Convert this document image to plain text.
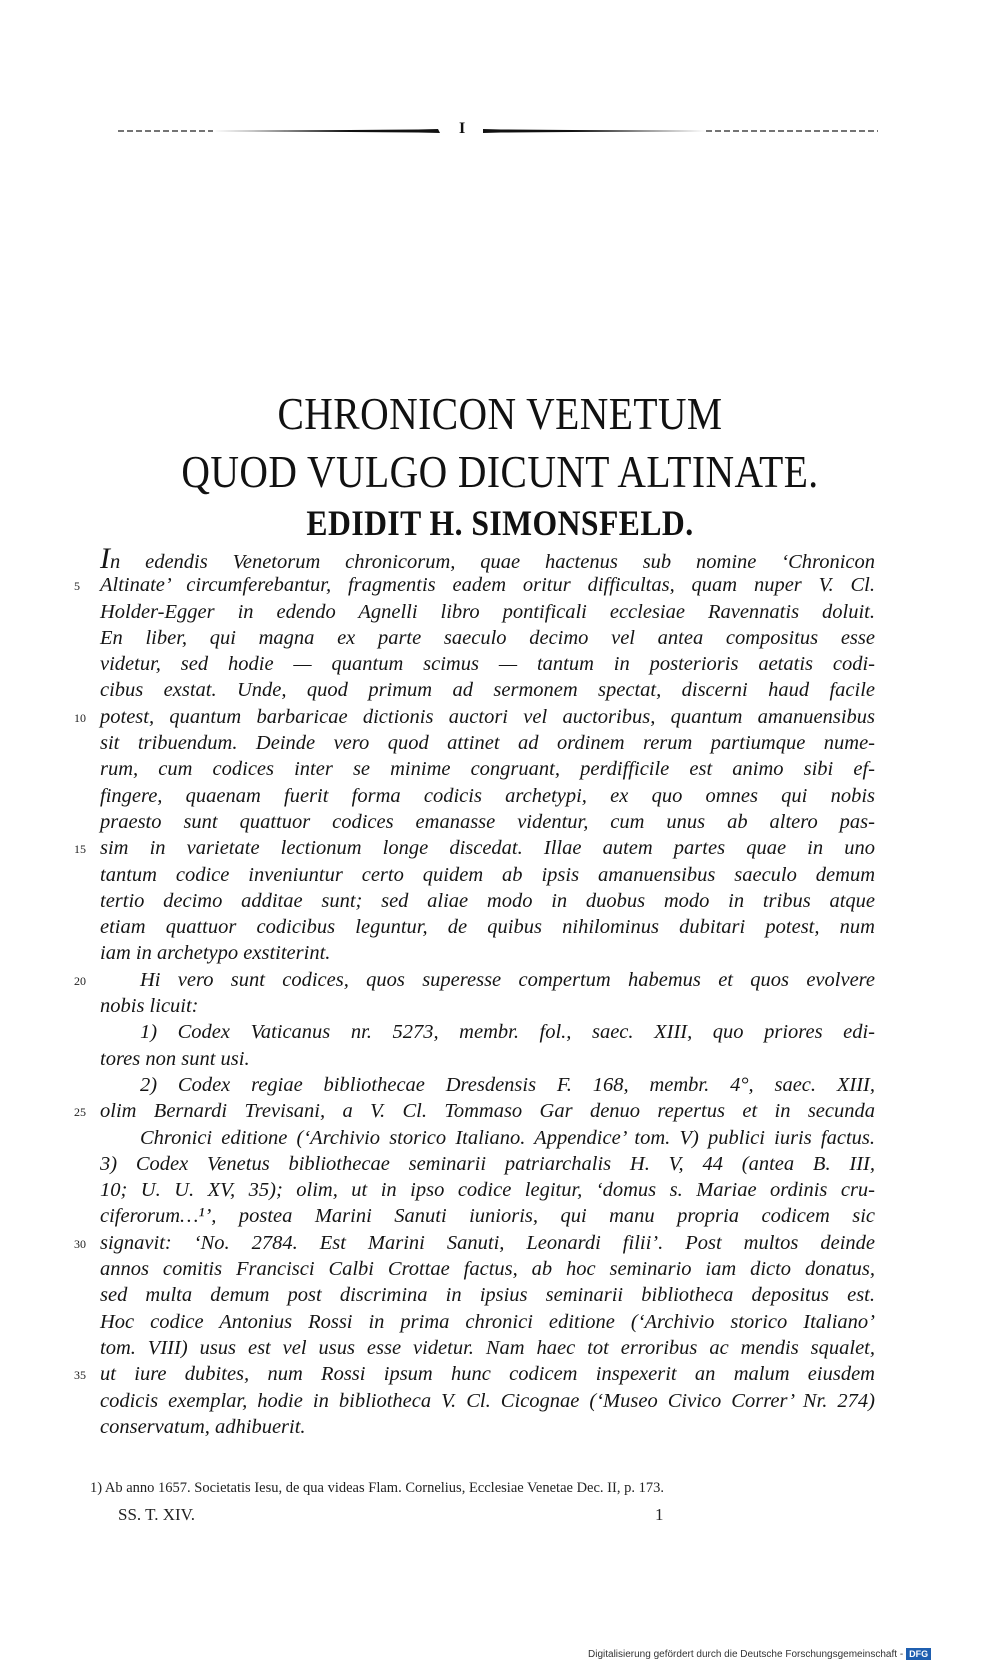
I
CHRONICON VENETUM
QUOD VULGO DICUNT ALTINATE.
EDIDIT H. SIMONSFELD.
In edendis Venetorum chronicorum, quae hactenus sub nomine ‘Chronicon
5 Altinate’ circumferebantur, fragmentis eadem oritur difficultas, quam nuper V. Cl.
Holder-Egger in edendo Agnelli libro pontificali ecclesiae Ravennatis doluit.
En liber, qui magna ex parte saeculo decimo vel antea compositus esse
videtur, sed hodie — quantum scimus — tantum in posterioris aetatis codi-
cibus exstat. Unde, quod primum ad sermonem spectat, discerni haud facile
10 potest, quantum barbaricae dictionis auctori vel auctoribus, quantum amanuensibus
sit tribuendum. Deinde vero quod attinet ad ordinem rerum partiumque nume-
rum, cum codices inter se minime congruant, perdifficile est animo sibi ef-
fingere, quaenam fuerit forma codicis archetypi, ex quo omnes qui nobis
praesto sunt quattuor codices emanasse videntur, cum unus ab altero pas-
15 sim in varietate lectionum longe discedat. Illae autem partes quae in uno
tantum codice inveniuntur certo quidem ab ipsis amanuensibus saeculo demum
tertio decimo additae sunt; sed aliae modo in duobus modo in tribus atque
etiam quattuor codicibus leguntur, de quibus nihilominus dubitari potest, num
iam in archetypo exstiterint.
20	Hi vero sunt codices, quos superesse compertum habemus et quos evolvere
nobis licuit:
1) Codex Vaticanus nr. 5273, membr. fol., saec. XIII, quo priores edi-
tores non sunt usi.
2) Codex regiae bibliothecae Dresdensis F. 168, membr. 4°, saec. XIII,
25 olim Bernardi Trevisani, a V. Cl. Tommaso Gar denuo repertus et in secunda
Chronici editione (‘Archivio storico Italiano. Appendice’ tom. V) publici iuris factus.
3) Codex Venetus bibliothecae seminarii patriarchalis H. V, 44 (antea B. III,
10; U. U. XV, 35); olim, ut in ipso codice legitur, ‘domus s. Mariae ordinis cru-
ciferorum…¹’, postea Marini Sanuti iunioris, qui manu propria codicem sic
30 signavit: ‘No. 2784. Est Marini Sanuti, Leonardi filii’. Post multos deinde
annos comitis Francisci Calbi Crottae factus, ab hoc seminario iam dicto donatus,
sed multa demum post discrimina in ipsius seminarii bibliotheca depositus est.
Hoc codice Antonius Rossi in prima chronici editione (‘Archivio storico Italiano’
tom. VIII) usus est vel usus esse videtur. Nam haec tot erroribus ac mendis squalet,
35 ut iure dubites, num Rossi ipsum hunc codicem inspexerit an malum eiusdem
codicis exemplar, hodie in bibliotheca V. Cl. Cicognae (‘Museo Civico Correr’ Nr. 274)
conservatum, adhibuerit.
1) Ab anno 1657. Societatis Iesu, de qua videas Flam. Cornelius, Ecclesiae Venetae Dec. II, p. 173.
SS. T. XIV.	1
Digitalisierung gefördert durch die Deutsche Forschungsgemeinschaft - DFG
